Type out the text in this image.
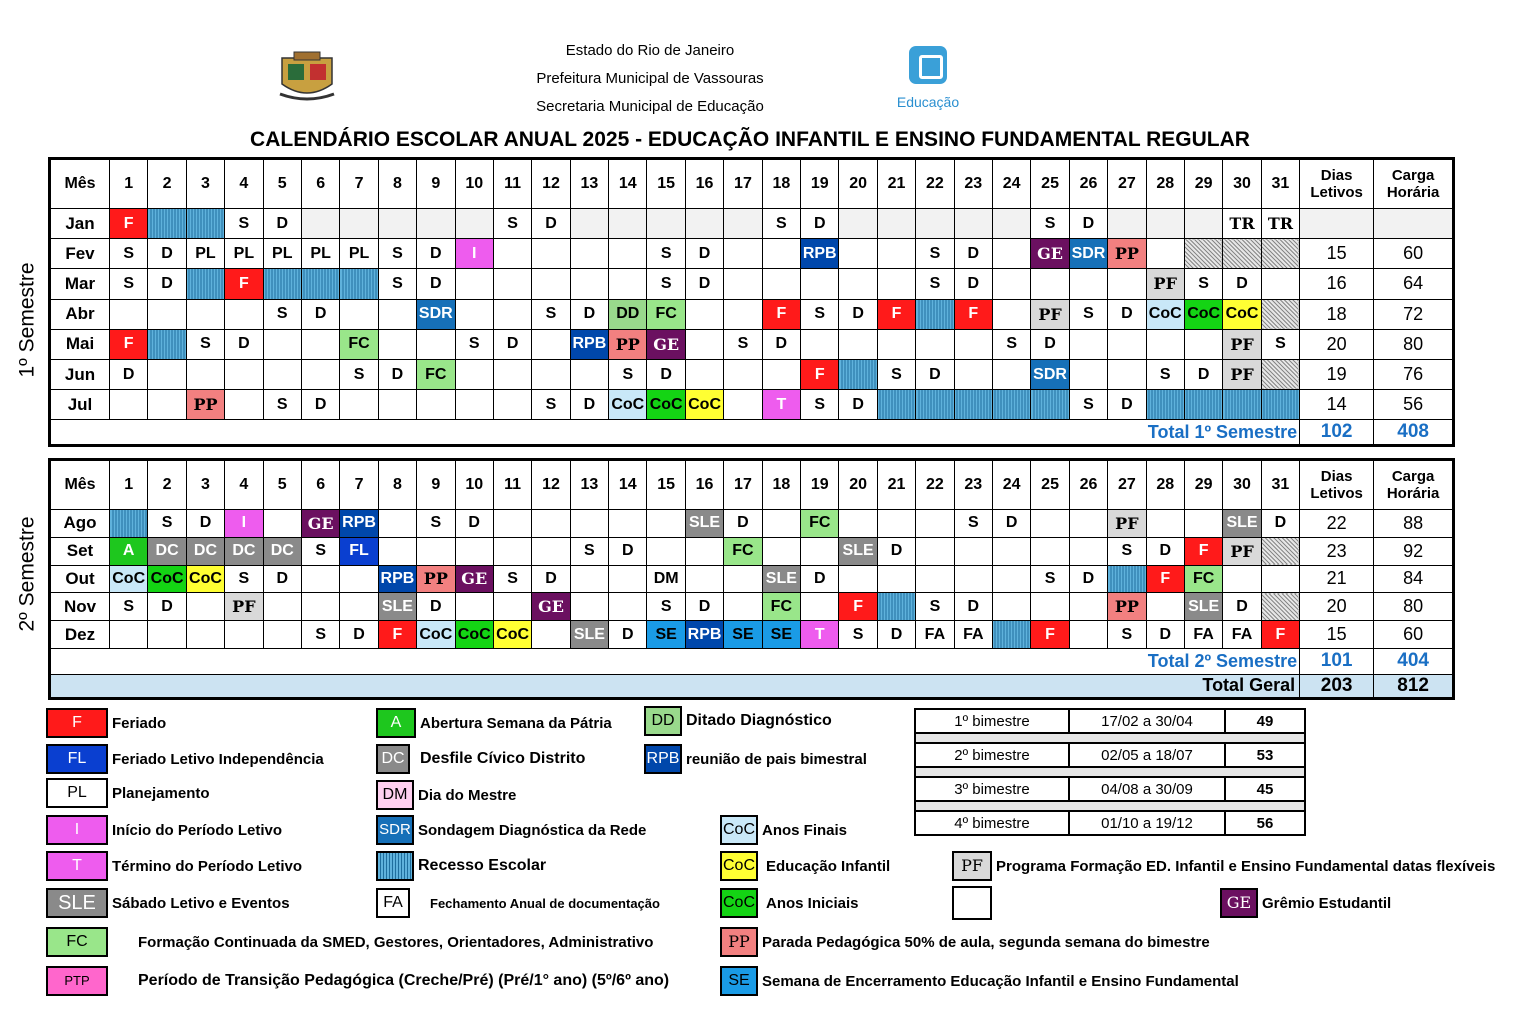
Estado do Rio de Janeiro
Prefeitura Municipal de Vassouras
Secretaria Municipal de Educação	Educação
CALENDÁRIO ESCOLAR ANUAL 2025 - EDUCAÇÃO INFANTIL E ENSINO FUNDAMENTAL REGULAR
1º Semestre
2º Semestre
Mês	1	2	3	4	5	6	7	8	9	10	11	12	13	14	15	16	17	18	19	20	21	22	23	24	25	26	27	28	29	30	31	Dias Letivos	Carga Horária
Jan	F			S	D						S	D						S	D						S	D				TR	TR		
Fev	S	D	PL	PL	PL	PL	PL	S	D	I					S	D			RPB			S	D		GE	SDR	PP					15	60
Mar	S	D		F				S	D						S	D						S	D					PF	S	D		16	64
Abr					S	D			SDR			S	D	DD	FC			F	S	D	F		F		PF	S	D	CoC	CoC	CoC		18	72
Mai	F		S	D			FC			S	D		RPB	PP	GE		S	D						S	D					PF	S	20	80
Jun	D						S	D	FC					S	D				F		S	D			SDR			S	D	PF		19	76
Jul			PP		S	D						S	D	CoC	CoC	CoC		T	S	D						S	D					14	56
Total 1º Semestre																																102	408
Mês	1	2	3	4	5	6	7	8	9	10	11	12	13	14	15	16	17	18	19	20	21	22	23	24	25	26	27	28	29	30	31	Dias Letivos	Carga Horária
Ago		S	D	I		GE	RPB		S	D						SLE	D		FC				S	D			PF			SLE	D	22	88
Set	A	DC	DC	DC	DC	S	FL						S	D			FC			SLE	D						S	D	F	PF		23	92
Out	CoC	CoC	CoC	S	D			RPB	PP	GE	S	D			DM			SLE	D						S	D		F	FC			21	84
Nov	S	D		PF				SLE	D			GE			S	D		FC		F		S	D				PP		SLE	D		20	80
Dez						S	D	F	CoC	CoC	CoC		SLE	D	SE	RPB	SE	SE	T	S	D	FA	FA		F		S	D	FA	FA	F	15	60
Total 2º Semestre																																101	404
Total Geral																																203	812
F	Feriado
FL	Feriado Letivo Independência
PL	Planejamento
I	Início do Período Letivo
T	Término do Período Letivo
SLE	Sábado Letivo e Eventos
FC	Formação Continuada da SMED, Gestores, Orientadores, Administrativo
PTP	Período de Transição Pedagógica (Creche/Pré) (Pré/1° ano) (5º/6º ano)
A	Abertura Semana da Pátria
DC Desfile Cívico Distrito
DM Dia do Mestre
SDR Sondagem Diagnóstica da Rede
Recesso Escolar
FA	Fechamento Anual de documentação
DD Ditado Diagnóstico
RPB reunião de pais bimestral
CoC Anos Finais
CoC Educação Infantil
CoC Anos Iniciais
PP Parada Pedagógica 50% de aula, segunda semana do bimestre
SE Semana de Encerramento Educação Infantil e Ensino Fundamental
PF Programa Formação ED. Infantil e Ensino Fundamental datas flexíveis
GE Grêmio Estudantil
1º bimestre	17/02 a 30/04	49

2º bimestre	02/05 a 18/07	53

3º bimestre	04/08 a 30/09	45

4º bimestre	01/10 a 19/12	56
